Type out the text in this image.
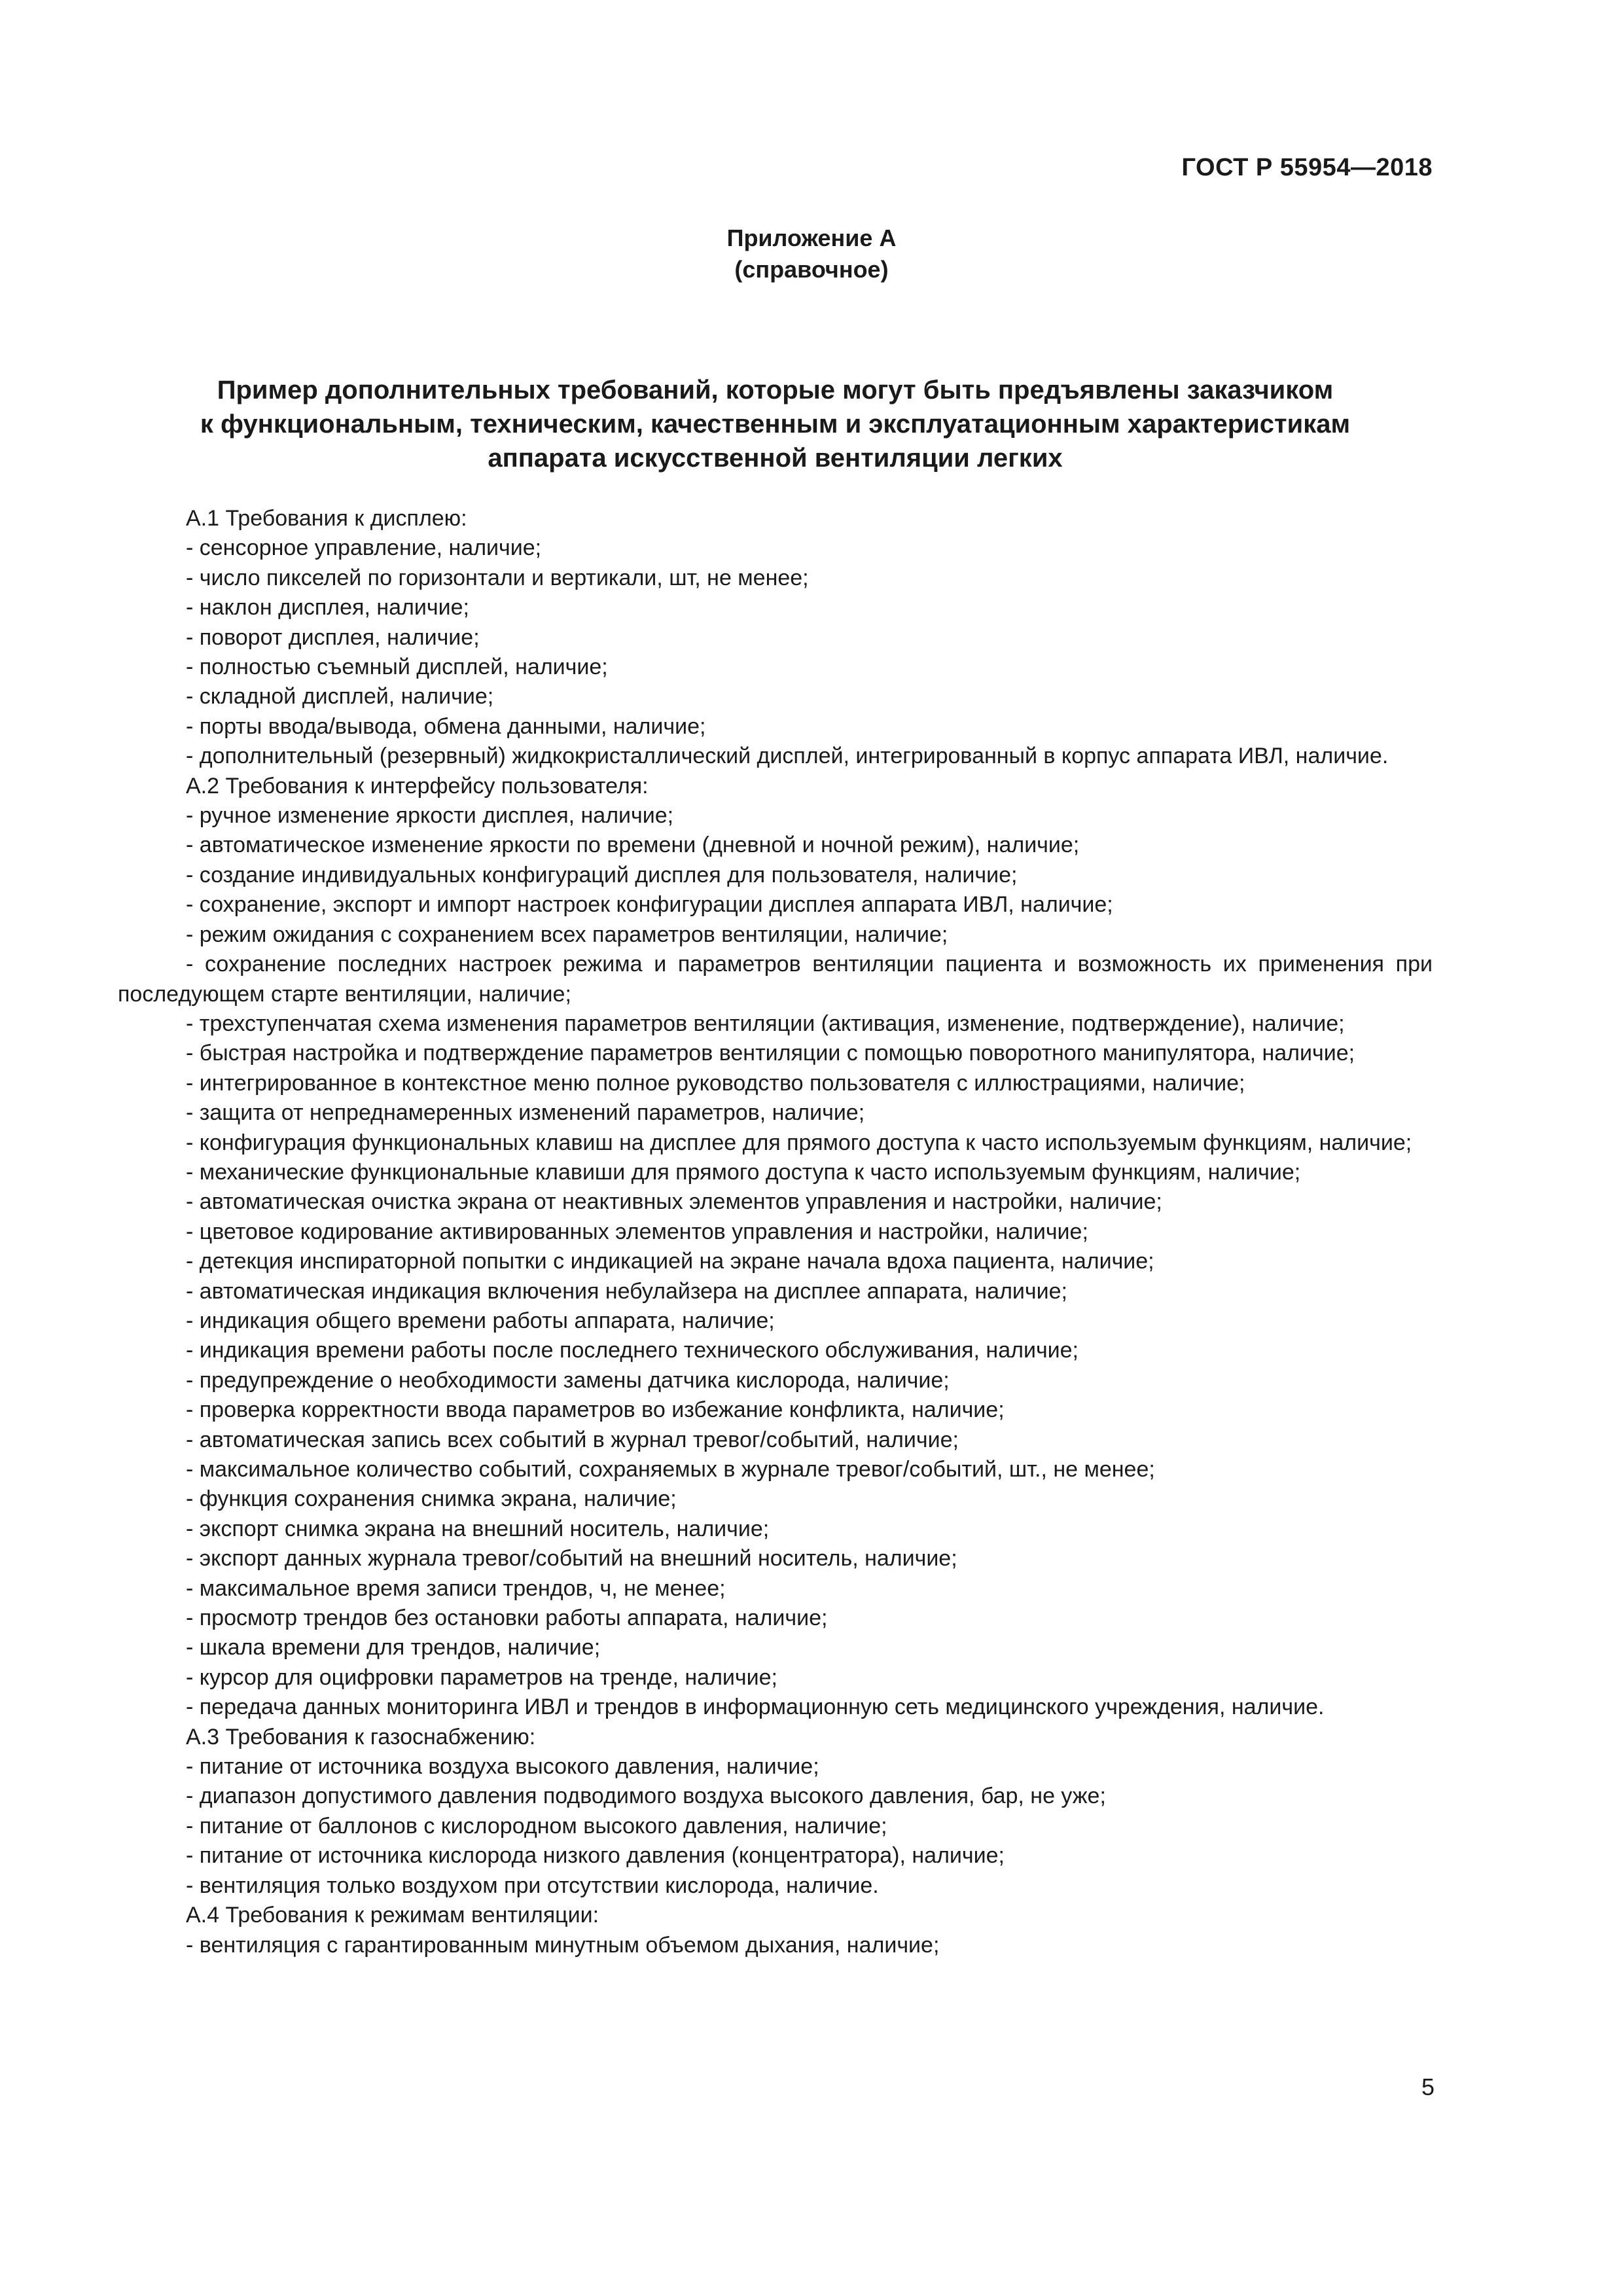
ГОСТ Р 55954—2018
Приложение А
(справочное)
Пример дополнительных требований, которые могут быть предъявлены заказчиком
к функциональным, техническим, качественным и эксплуатационным характеристикам
аппарата искусственной вентиляции легких

А.1 Требования к дисплею:

- сенсорное управление, наличие;

- число пикселей по горизонтали и вертикали, шт, не менее;

- наклон дисплея, наличие;

- поворот дисплея, наличие;

- полностью съемный дисплей, наличие;

- складной дисплей, наличие;

- порты ввода/вывода, обмена данными, наличие;

- дополнительный (резервный) жидкокристаллический дисплей, интегрированный в корпус аппарата ИВЛ, наличие.

А.2 Требования к интерфейсу пользователя:

- ручное изменение яркости дисплея, наличие;

- автоматическое изменение яркости по времени (дневной и ночной режим), наличие;

- создание индивидуальных конфигураций дисплея для пользователя, наличие;

- сохранение, экспорт и импорт настроек конфигурации дисплея аппарата ИВЛ, наличие;

- режим ожидания с сохранением всех параметров вентиляции, наличие;

- сохранение последних настроек режима и параметров вентиляции пациента и возможность их применения при последующем старте вентиляции, наличие;

- трехступенчатая схема изменения параметров вентиляции (активация, изменение, подтверждение), наличие;

- быстрая настройка и подтверждение параметров вентиляции с помощью поворотного манипулятора, наличие;

- интегрированное в контекстное меню полное руководство пользователя с иллюстрациями, наличие;

- защита от непреднамеренных изменений параметров, наличие;

- конфигурация функциональных клавиш на дисплее для прямого доступа к часто используемым функциям, наличие;

- механические функциональные клавиши для прямого доступа к часто используемым функциям, наличие;

- автоматическая очистка экрана от неактивных элементов управления и настройки, наличие;

- цветовое кодирование активированных элементов управления и настройки, наличие;

- детекция инспираторной попытки с индикацией на экране начала вдоха пациента, наличие;

- автоматическая индикация включения небулайзера на дисплее аппарата, наличие;

- индикация общего времени работы аппарата, наличие;

- индикация времени работы после последнего технического обслуживания, наличие;

- предупреждение о необходимости замены датчика кислорода, наличие;

- проверка корректности ввода параметров во избежание конфликта, наличие;

- автоматическая запись всех событий в журнал тревог/событий, наличие;

- максимальное количество событий, сохраняемых в журнале тревог/событий, шт., не менее;

- функция сохранения снимка экрана, наличие;

- экспорт снимка экрана на внешний носитель, наличие;

- экспорт данных журнала тревог/событий на внешний носитель, наличие;

- максимальное время записи трендов, ч, не менее;

- просмотр трендов без остановки работы аппарата, наличие;

- шкала времени для трендов, наличие;

- курсор для оцифровки параметров на тренде, наличие;

- передача данных мониторинга ИВЛ и трендов в информационную сеть медицинского учреждения, наличие.

А.3 Требования к газоснабжению:

- питание от источника воздуха высокого давления, наличие;

- диапазон допустимого давления подводимого воздуха высокого давления, бар, не уже;

- питание от баллонов с кислородном высокого давления, наличие;

- питание от источника кислорода низкого давления (концентратора), наличие;

- вентиляция только воздухом при отсутствии кислорода, наличие.

А.4 Требования к режимам вентиляции:

- вентиляция с гарантированным минутным объемом дыхания, наличие;

5
